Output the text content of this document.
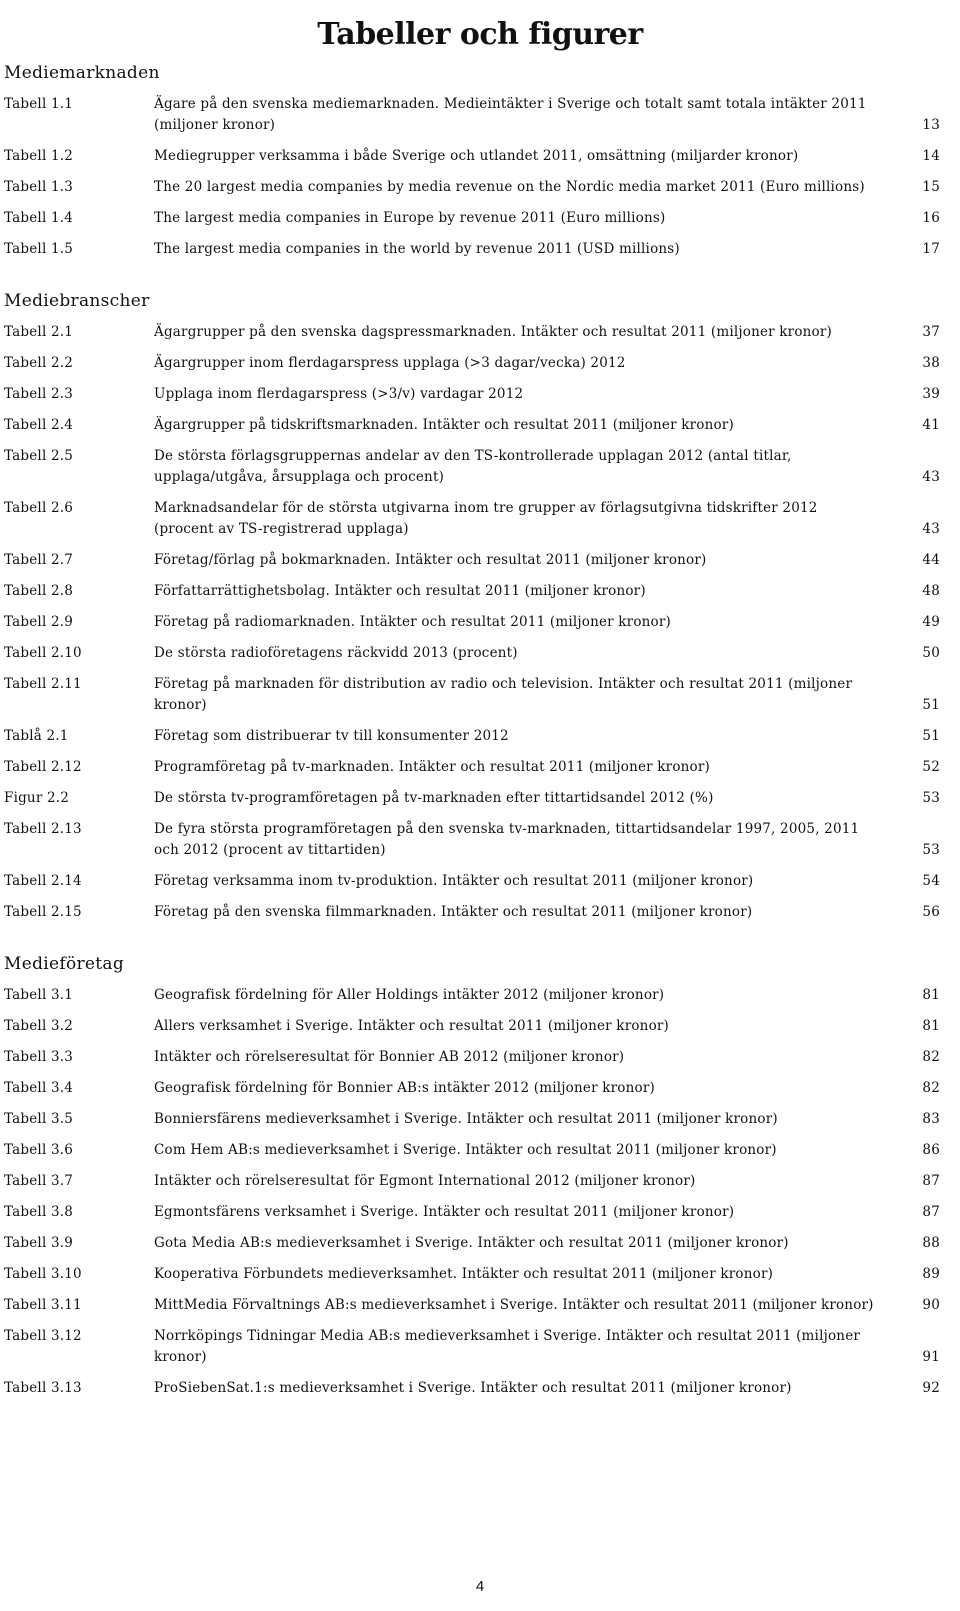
Tabeller och figurer
Mediemarknaden
Tabell 1.1	Ägare på den svenska mediemarknaden. Medieintäkter i Sverige och totalt samt totala intäkter 2011 (miljoner kronor)	13
Tabell 1.2	Mediegrupper verksamma i både Sverige och utlandet 2011, omsättning (miljarder kronor)	14
Tabell 1.3	The 20 largest media companies by media revenue on the Nordic media market 2011 (Euro millions)	15
Tabell 1.4	The largest media companies in Europe by revenue 2011 (Euro millions)	16
Tabell 1.5	The largest media companies in the world by revenue 2011 (USD millions)	17
Mediebranscher
Tabell 2.1	Ägargrupper på den svenska dagspressmarknaden. Intäkter och resultat 2011 (miljoner kronor)	37
Tabell 2.2	Ägargrupper inom flerdagarspress upplaga (>3 dagar/vecka) 2012	38
Tabell 2.3	Upplaga inom flerdagarspress (>3/v) vardagar 2012	39
Tabell 2.4	Ägargrupper på tidskriftsmarknaden. Intäkter och resultat 2011 (miljoner kronor)	41
Tabell 2.5	De största förlagsgruppernas andelar av den TS-kontrollerade upplagan 2012 (antal titlar, upplaga/utgåva, årsupplaga och procent)	43
Tabell 2.6	Marknadsandelar för de största utgivarna inom tre grupper av förlagsutgivna tidskrifter 2012 (procent av TS-registrerad upplaga)	43
Tabell 2.7	Företag/förlag på bokmarknaden. Intäkter och resultat 2011 (miljoner kronor)	44
Tabell 2.8	Författarrättighetsbolag. Intäkter och resultat 2011 (miljoner kronor)	48
Tabell 2.9	Företag på radiomarknaden. Intäkter och resultat 2011 (miljoner kronor)	49
Tabell 2.10	De största radioföretagens räckvidd 2013 (procent)	50
Tabell 2.11	Företag på marknaden för distribution av radio och television. Intäkter och resultat 2011 (miljoner kronor)	51
Tablå 2.1	Företag som distribuerar tv till konsumenter 2012	51
Tabell 2.12	Programföretag på tv-marknaden. Intäkter och resultat 2011 (miljoner kronor)	52
Figur 2.2	De största tv-programföretagen på tv-marknaden efter tittartidsandel 2012 (%)	53
Tabell 2.13	De fyra största programföretagen på den svenska tv-marknaden, tittartidsandelar 1997, 2005, 2011 och 2012 (procent av tittartiden)	53
Tabell 2.14	Företag verksamma inom tv-produktion. Intäkter och resultat 2011 (miljoner kronor)	54
Tabell 2.15	Företag på den svenska filmmarknaden. Intäkter och resultat 2011 (miljoner kronor)	56
Medieföretag
Tabell 3.1	Geografisk fördelning för Aller Holdings intäkter 2012 (miljoner kronor)	81
Tabell 3.2	Allers verksamhet i Sverige. Intäkter och resultat 2011 (miljoner kronor)	81
Tabell 3.3	Intäkter och rörelseresultat för Bonnier AB 2012 (miljoner kronor)	82
Tabell 3.4	Geografisk fördelning för Bonnier AB:s intäkter 2012 (miljoner kronor)	82
Tabell 3.5	Bonniersfärens medieverksamhet i Sverige. Intäkter och resultat 2011 (miljoner kronor)	83
Tabell 3.6	Com Hem AB:s medieverksamhet i Sverige. Intäkter och resultat 2011 (miljoner kronor)	86
Tabell 3.7	Intäkter och rörelseresultat för Egmont International 2012 (miljoner kronor)	87
Tabell 3.8	Egmontsfärens verksamhet i Sverige. Intäkter och resultat 2011 (miljoner kronor)	87
Tabell 3.9	Gota Media AB:s medieverksamhet i Sverige. Intäkter och resultat 2011 (miljoner kronor)	88
Tabell 3.10	Kooperativa Förbundets medieverksamhet. Intäkter och resultat 2011 (miljoner kronor)	89
Tabell 3.11	MittMedia Förvaltnings AB:s medieverksamhet i Sverige. Intäkter och resultat 2011 (miljoner kronor)	90
Tabell 3.12	Norrköpings Tidningar Media AB:s medieverksamhet i Sverige. Intäkter och resultat 2011 (miljoner kronor)	91
Tabell 3.13	ProSiebenSat.1:s medieverksamhet i Sverige. Intäkter och resultat 2011 (miljoner kronor)	92
4
